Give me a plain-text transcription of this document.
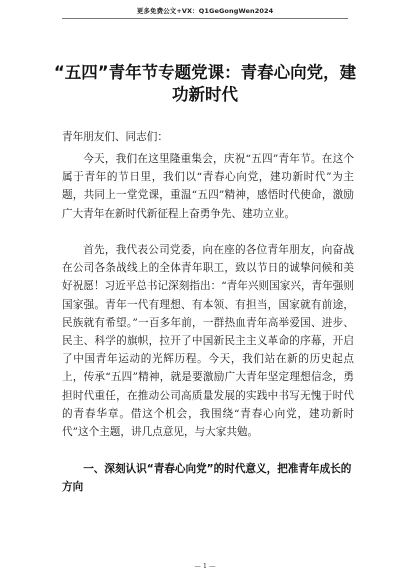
更多免费公文+VX：Q1GeGongWen2024
“五四”青年节专题党课：青春心向党，建功新时代
青年朋友们、同志们：
今天，我们在这里隆重集会，庆祝“五四”青年节。在这个属于青年的节日里，我们以“青春心向党，建功新时代”为主题，共同上一堂党课，重温“五四”精神，感悟时代使命，激励广大青年在新时代新征程上奋勇争先、建功立业。
首先，我代表公司党委，向在座的各位青年朋友，向奋战在公司各条战线上的全体青年职工，致以节日的诚挚问候和美好祝愿！习近平总书记深刻指出：“青年兴则国家兴，青年强则国家强。青年一代有理想、有本领、有担当，国家就有前途，民族就有希望。”一百多年前，一群热血青年高举爱国、进步、民主、科学的旗帜，拉开了中国新民主主义革命的序幕，开启了中国青年运动的光辉历程。今天，我们站在新的历史起点上，传承“五四”精神，就是要激励广大青年坚定理想信念，勇担时代重任，在推动公司高质量发展的实践中书写无愧于时代的青春华章。借这个机会，我围绕“青春心向党，建功新时代”这个主题，讲几点意见，与大家共勉。
一、深刻认识“青春心向党”的时代意义，把准青年成长的方向
— 1 —
